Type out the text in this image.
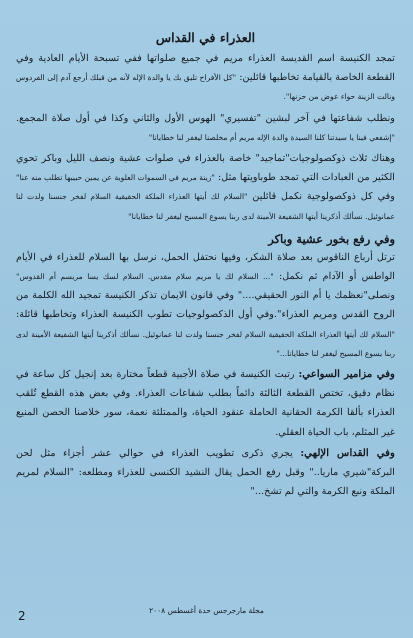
العذراء في القداس

تمجد الكنيسة اسم القديسة العذراء مريم في جميع صلواتها ففي تسبحة الأيام العادية وفي القطعة الخاصة بالقيامة تخاطبها قائلين: "كل الأفراح تليق بك يا والدة الإله لأنه من قبلك أرجع آدم إلى الفردوس ونالت الزينة حواء عوض من حزنها".

ونطلب شفاعتها في آخر لبشين "تفسيري" الهوس الأول والثاني وكذا في أول صلاة المجمع. "إشفعي فينا يا سيدتنا كلنا السيدة والدة الإله مريم أم مخلصنا ليغفر لنا خطايانا"

وهناك ثلاث ذوكصولوجيات"تماجيد" خاصة بالعذراء في صلوات عشية ونصف الليل وباكر تحوي الكثير من العبادات التي تمجد طوباويتها مثل: "زينة مريم في السموات العلوية عن يمين حبيبها تطلب منه عنا" وفي كل ذوكصولوجية نكمل قائلين "السلام لك أيتها العذراء الملكة الحقيقية السلام لفخر جنسنا ولدت لنا عمانوئيل. نسألك أذكرينا أيتها الشفيعة الأمينة لدى ربنا يسوع المسيح ليغفر لنا خطايانا"

وفي رفع بخور عشية وباكر

ترتل أرباع الناقوس بعد صلاة الشكر، وفيها نحتفل الحمل، نرسل بها السلام للعذراء في الأيام الواطس أو الآدام ثم نكمل: "... السلام لك يا مريم سلام مقدس. السلام لسك يسا مريسم أم القدوس" ونصلى"نعظمك يا أم النور الحقيقي...." وفي قانون الايمان تذكر الكنيسة تمجيد الله الكلمة من الروح القدس ومريم العذراء".وفي أول الذكصولوجيات تطوب الكنيسة العذراء وتخاطبها قائلة: "السلام لك أيتها العذراء الملكة الحقيقية السلام لفخر جنسنا ولدت لنا عمانوئيل. نسألك أذكرينا أيتها الشفيعة الأمينة لدى ربنا يسوع المسيح ليغفر لنا خطايانا..."

وفي مزامير السواعي: رتبت الكنيسة في صلاة الأجبية قطعاً مختارة بعد إنجيل كل ساعة في نظام دقيق، تختص القطعة الثالثة دائماً بطلب شفاعات العذراء. وفي بعض هذه القطع تُلقب العذراء بألقا الكرمة الحقانية الحاملة عنقود الحياة، والممتلئة نعمة، سور خلاصنا الحصن المنيع غير المثلم، باب الحياة العقلي.

وفي القداس الإلهي: يجري ذكرى تطويب العذراء في حوالي عشر أجزاء مثل لحن البركة"شيري ماريا.." وقبل رفع الحمل يقال النشيد الكنسى للعذراء ومطلعه: "السلام لمريم الملكة ونبع الكرمة والتي لم تشخ..."

مجلة مارجرجس حدة أغسطس ٢٠٠٨
2
